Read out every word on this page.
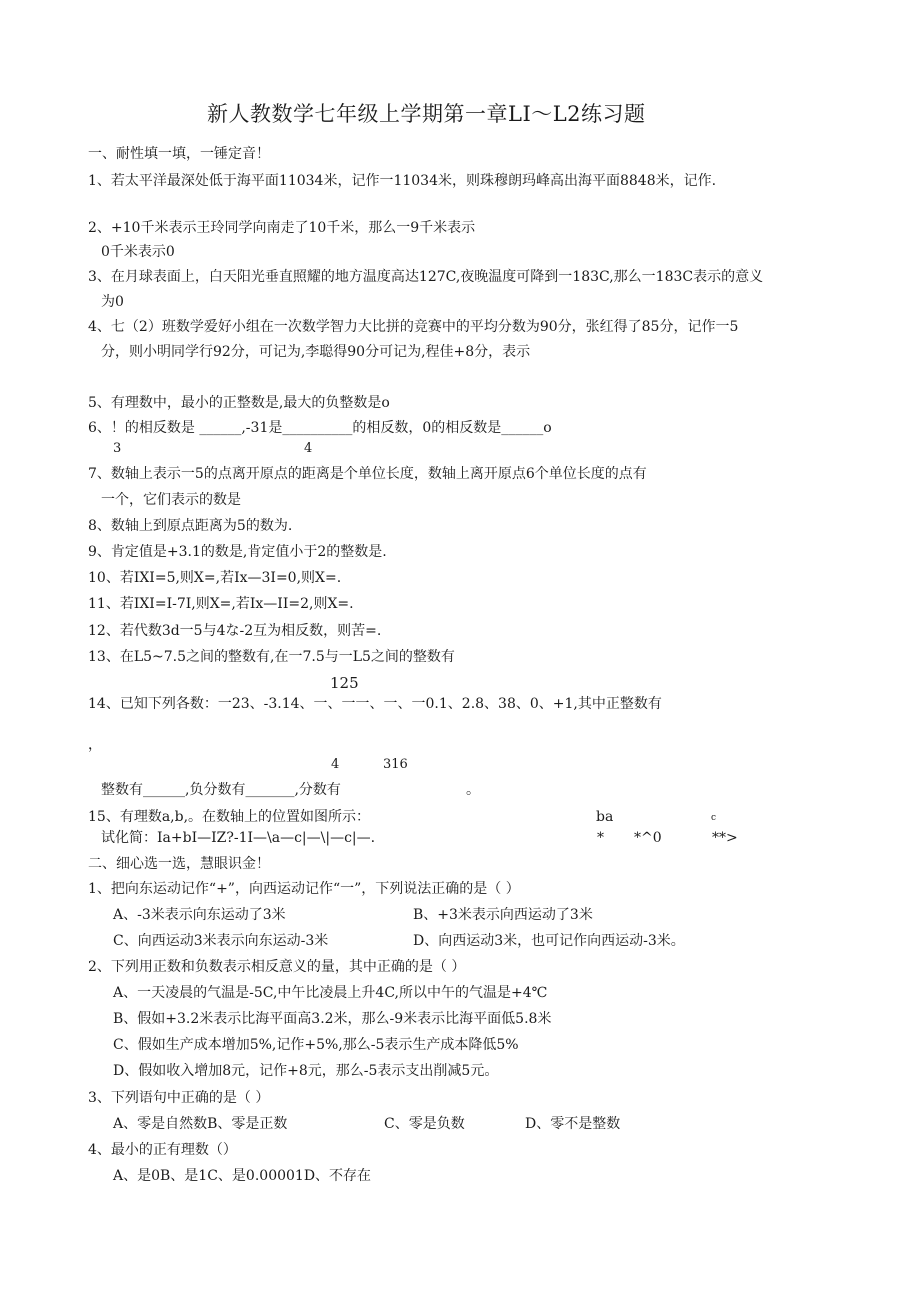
新人教数学七年级上学期第一章LI～L2练习题
一、耐性填一填，一锤定音！
1、若太平洋最深处低于海平面11034米，记作一11034米，则珠穆朗玛峰高出海平面8848米，记作.
2、+10千米表示王玲同学向南走了10千米，那么一9千米表示
0千米表示0
3、在月球表面上，白天阳光垂直照耀的地方温度高达127C,夜晚温度可降到一183C,那么一183C表示的意义
为0
4、七（2）班数学爱好小组在一次数学智力大比拼的竞赛中的平均分数为90分，张红得了85分，记作一5
分，则小明同学行92分，可记为,李聪得90分可记为,程佳+8分，表示
5、有理数中，最小的正整数是,最大的负整数是o
6、！的相反数是 ______,-31是__________的相反数，0的相反数是______o
3	4
7、数轴上表示一5的点离开原点的距离是个单位长度，数轴上离开原点6个单位长度的点有
一个，它们表示的数是
8、数轴上到原点距离为5的数为.
9、肯定值是+3.1的数是,肯定值小于2的整数是.
10、若IXI=5,则X=,若Ix—3I=0,则X=.
11、若IXI=I-7I,则X=,若Ix—II=2,则X=.
12、若代数3d一5与4な-2互为相反数，则苦=.
13、在L5~7.5之间的整数有,在一7.5与一L5之间的整数有
125
14、已知下列各数：一23、-3.14、一、一一、一、一0.1、2.8、38、0、+1,其中正整数有
，
4	316
整数有______,负分数有_______,分数有	。
15、有理数a,b,。在数轴上的位置如图所示：
试化简：Ia+bI—IZ?-1I—\a—c|—\|—c|—.
ba	c
* *^0	**>
二、细心选一选，慧眼识金！
1、把向东运动记作“+”，向西运动记作“一”，下列说法正确的是（ ）
A、-3米表示向东运动了3米	B、+3米表示向西运动了3米
C、向西运动3米表示向东运动-3米	D、向西运动3米，也可记作向西运动-3米。
2、下列用正数和负数表示相反意义的量，其中正确的是（ ）
A、一天凌晨的气温是-5C,中午比凌晨上升4C,所以中午的气温是+4℃
B、假如+3.2米表示比海平面高3.2米，那么-9米表示比海平面低5.8米
C、假如生产成本增加5%,记作+5%,那么-5表示生产成本降低5%
D、假如收入增加8元，记作+8元，那么-5表示支出削减5元。
3、下列语句中正确的是（ ）
A、零是自然数B、零是正数	C、零是负数	D、零不是整数
4、最小的正有理数（）
A、是0B、是1C、是0.00001D、不存在
